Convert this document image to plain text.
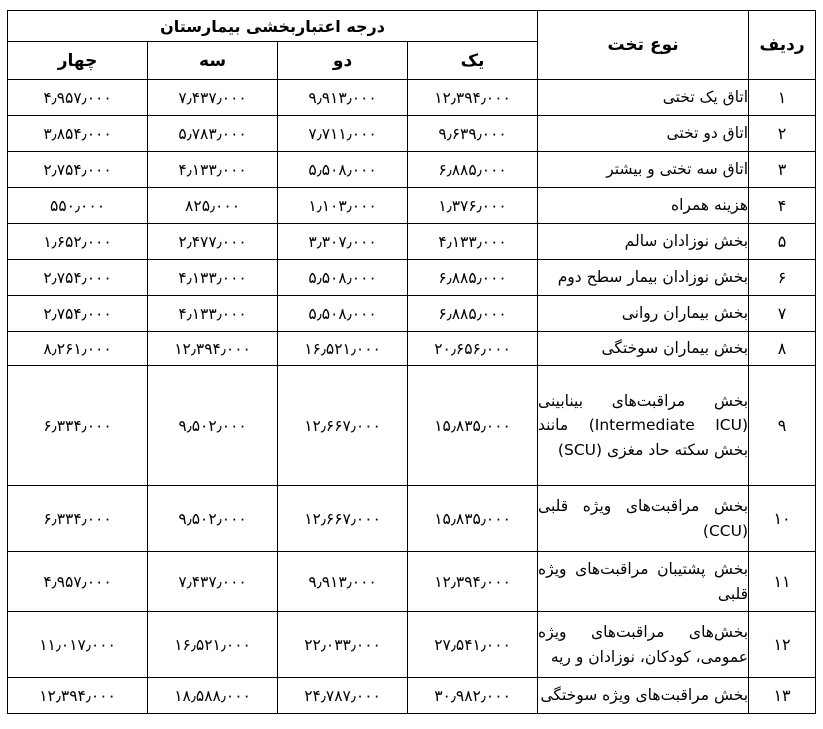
ردیف	نوع تخت	درجه اعتباربخشی بیمارستان			
		یک	دو	سه	چهار
۱	اتاق یک تختی	۱۲٫۳۹۴٫۰۰۰	۹٫۹۱۳٫۰۰۰	۷٫۴۳۷٫۰۰۰	۴٫۹۵۷٫۰۰۰
۲	اتاق دو تختی	۹٫۶۳۹٫۰۰۰	۷٫۷۱۱٫۰۰۰	۵٫۷۸۳٫۰۰۰	۳٫۸۵۴٫۰۰۰
۳	اتاق سه تختی و بیشتر	۶٫۸۸۵٫۰۰۰	۵٫۵۰۸٫۰۰۰	۴٫۱۳۳٫۰۰۰	۲٫۷۵۴٫۰۰۰
۴	هزینه همراه	۱٫۳۷۶٫۰۰۰	۱٫۱۰۳٫۰۰۰	۸۲۵٫۰۰۰	۵۵۰٫۰۰۰
۵	بخش نوزادان سالم	۴٫۱۳۳٫۰۰۰	۳٫۳۰۷٫۰۰۰	۲٫۴۷۷٫۰۰۰	۱٫۶۵۲٫۰۰۰
۶	بخش نوزادان بیمار سطح دوم	۶٫۸۸۵٫۰۰۰	۵٫۵۰۸٫۰۰۰	۴٫۱۳۳٫۰۰۰	۲٫۷۵۴٫۰۰۰
۷	بخش بیماران روانی	۶٫۸۸۵٫۰۰۰	۵٫۵۰۸٫۰۰۰	۴٫۱۳۳٫۰۰۰	۲٫۷۵۴٫۰۰۰
۸	بخش بیماران سوختگی	۲۰٫۶۵۶٫۰۰۰	۱۶٫۵۲۱٫۰۰۰	۱۲٫۳۹۴٫۰۰۰	۸٫۲۶۱٫۰۰۰
۹	بخش مراقبت‌های بینابینی (Intermediate ICU) مانند بخش سکته حاد مغزی (SCU)	۱۵٫۸۳۵٫۰۰۰	۱۲٫۶۶۷٫۰۰۰	۹٫۵۰۲٫۰۰۰	۶٫۳۳۴٫۰۰۰
۱۰	بخش مراقبت‌های ویژه قلبی (CCU)	۱۵٫۸۳۵٫۰۰۰	۱۲٫۶۶۷٫۰۰۰	۹٫۵۰۲٫۰۰۰	۶٫۳۳۴٫۰۰۰
۱۱	بخش پشتیبان مراقبت‌های ویژه قلبی	۱۲٫۳۹۴٫۰۰۰	۹٫۹۱۳٫۰۰۰	۷٫۴۳۷٫۰۰۰	۴٫۹۵۷٫۰۰۰
۱۲	بخش‌های مراقبت‌های ویژه عمومی، کودکان، نوزادان و ریه	۲۷٫۵۴۱٫۰۰۰	۲۲٫۰۳۳٫۰۰۰	۱۶٫۵۲۱٫۰۰۰	۱۱٫۰۱۷٫۰۰۰
۱۳	بخش مراقبت‌های ویژه سوختگی	۳۰٫۹۸۲٫۰۰۰	۲۴٫۷۸۷٫۰۰۰	۱۸٫۵۸۸٫۰۰۰	۱۲٫۳۹۴٫۰۰۰
